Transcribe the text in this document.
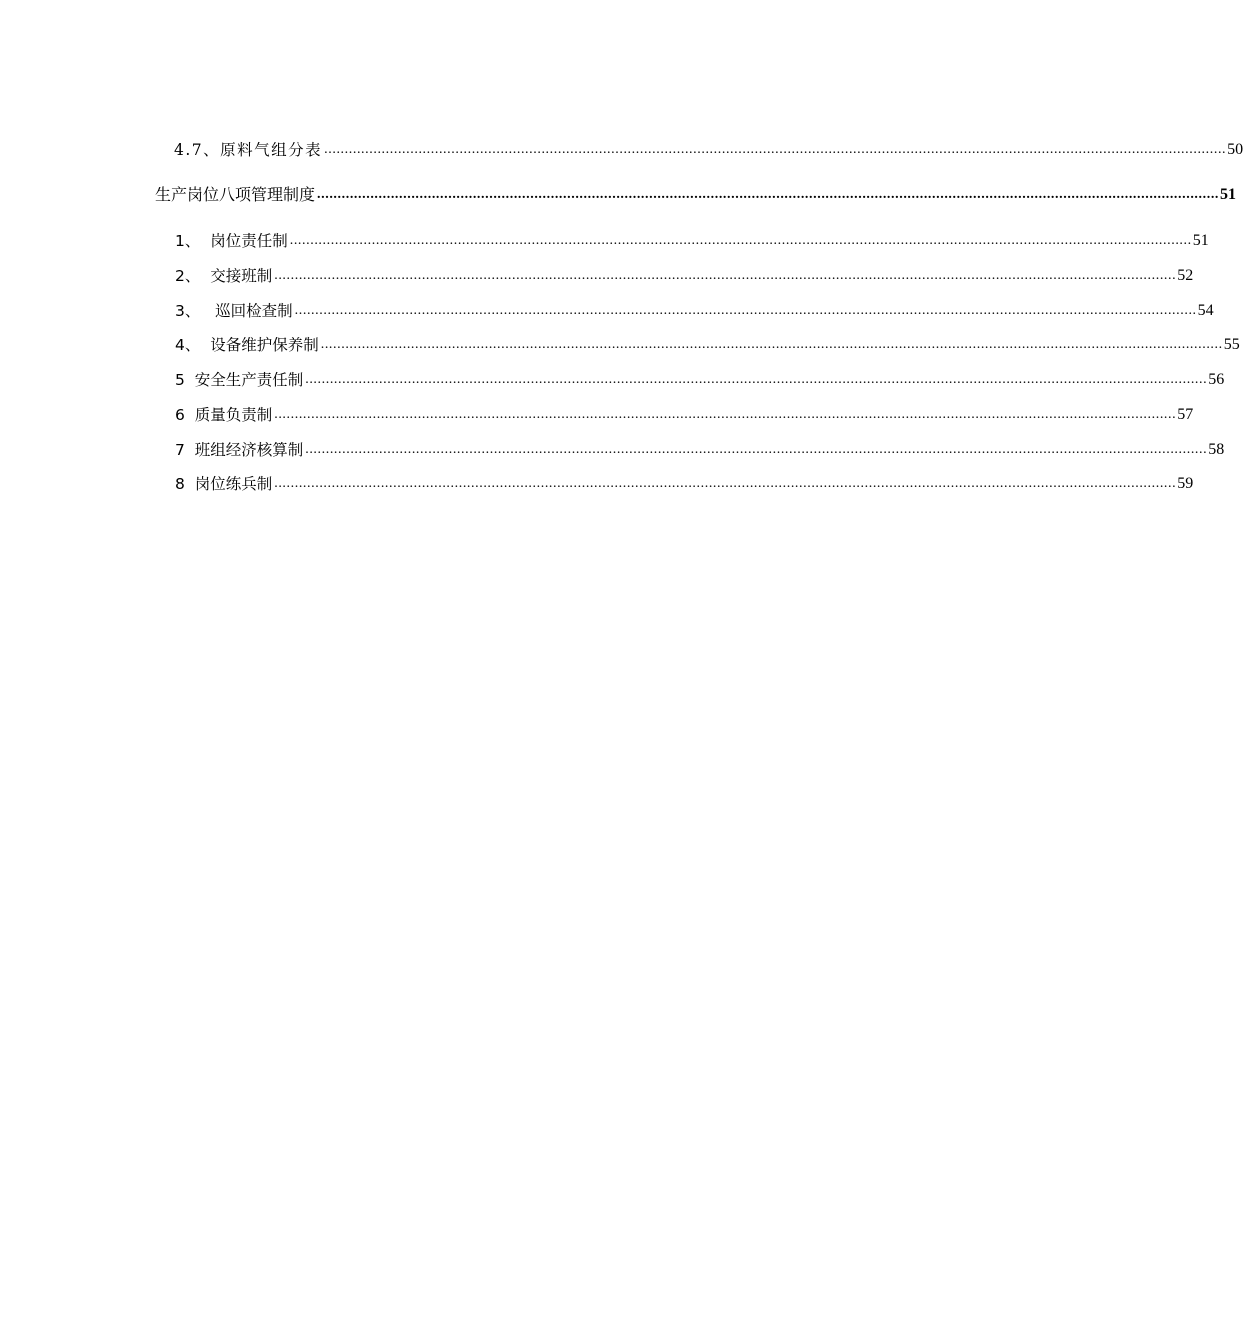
4.7、原料气组分表 ............................................................................................................................................................................................................................ 50
生产岗位八项管理制度 ............................................................................................................................................................................................................................ 51
1、  岗位责任制 ............................................................................................................................................................................................................................ 51
2、  交接班制 ............................................................................................................................................................................................................................ 52
3、   巡回检查制 ............................................................................................................................................................................................................................ 54
4、  设备维护保养制 ............................................................................................................................................................................................................................ 55
5  安全生产责任制 ............................................................................................................................................................................................................................ 56
6  质量负责制 ............................................................................................................................................................................................................................ 57
7  班组经济核算制 ............................................................................................................................................................................................................................ 58
8  岗位练兵制 ............................................................................................................................................................................................................................ 59
